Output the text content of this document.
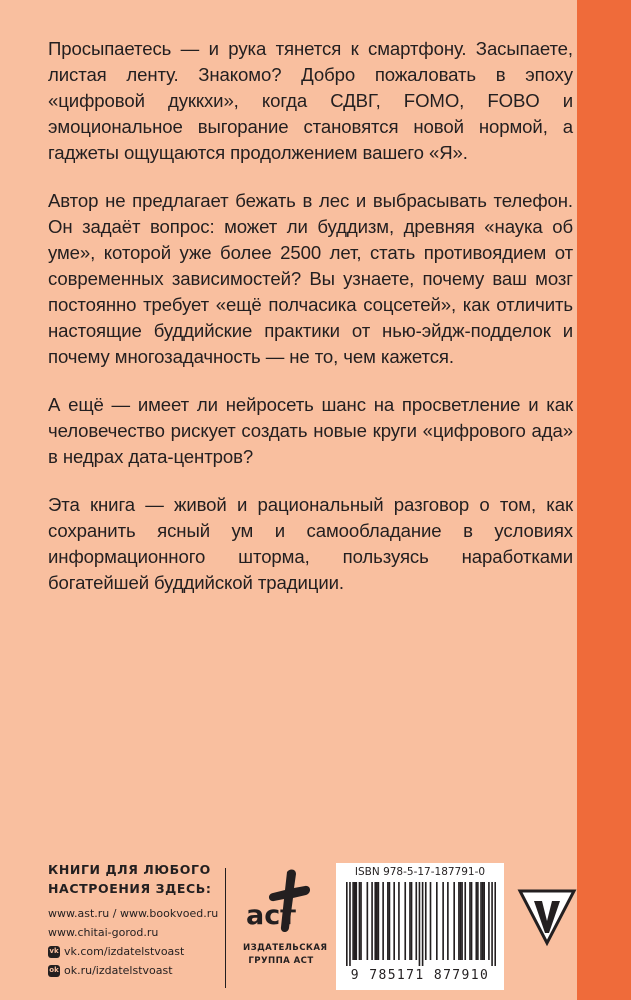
Просыпаетесь — и рука тянется к смартфону. Засыпаете, листая ленту. Знакомо? Добро пожаловать в эпоху «цифровой дуккхи», когда СДВГ, FOMO, FOBO и эмоциональное выгорание становятся новой нормой, а гаджеты ощущаются продолжением вашего «Я».

Автор не предлагает бежать в лес и выбрасывать телефон. Он задаёт вопрос: может ли буддизм, древняя «наука об уме», которой уже более 2500 лет, стать противоядием от современных зависимостей? Вы узнаете, почему ваш мозг постоянно требует «ещё полчасика соцсетей», как отличить настоящие буддийские практики от нью-эйдж-подделок и почему многозадачность — не то, чем кажется.

А ещё — имеет ли нейросеть шанс на просветление и как человечество рискует создать новые круги «цифрового ада» в недрах дата-центров?

Эта книга — живой и рациональный разговор о том, как сохранить ясный ум и самообладание в условиях информационного шторма, пользуясь наработками богатейшей буддийской традиции.

КНИГИ ДЛЯ ЛЮБОГО
НАСТРОЕНИЯ ЗДЕСЬ:
www.ast.ru / www.bookvoed.ru
www.chitai-gorod.ru
vk vk.com/izdatelstvoast
ok ok.ru/izdatelstvoast
аст
ИЗДАТЕЛЬСКАЯ
ГРУППА АСТ
ISBN 978-5-17-187791-0
9 785171 877910
